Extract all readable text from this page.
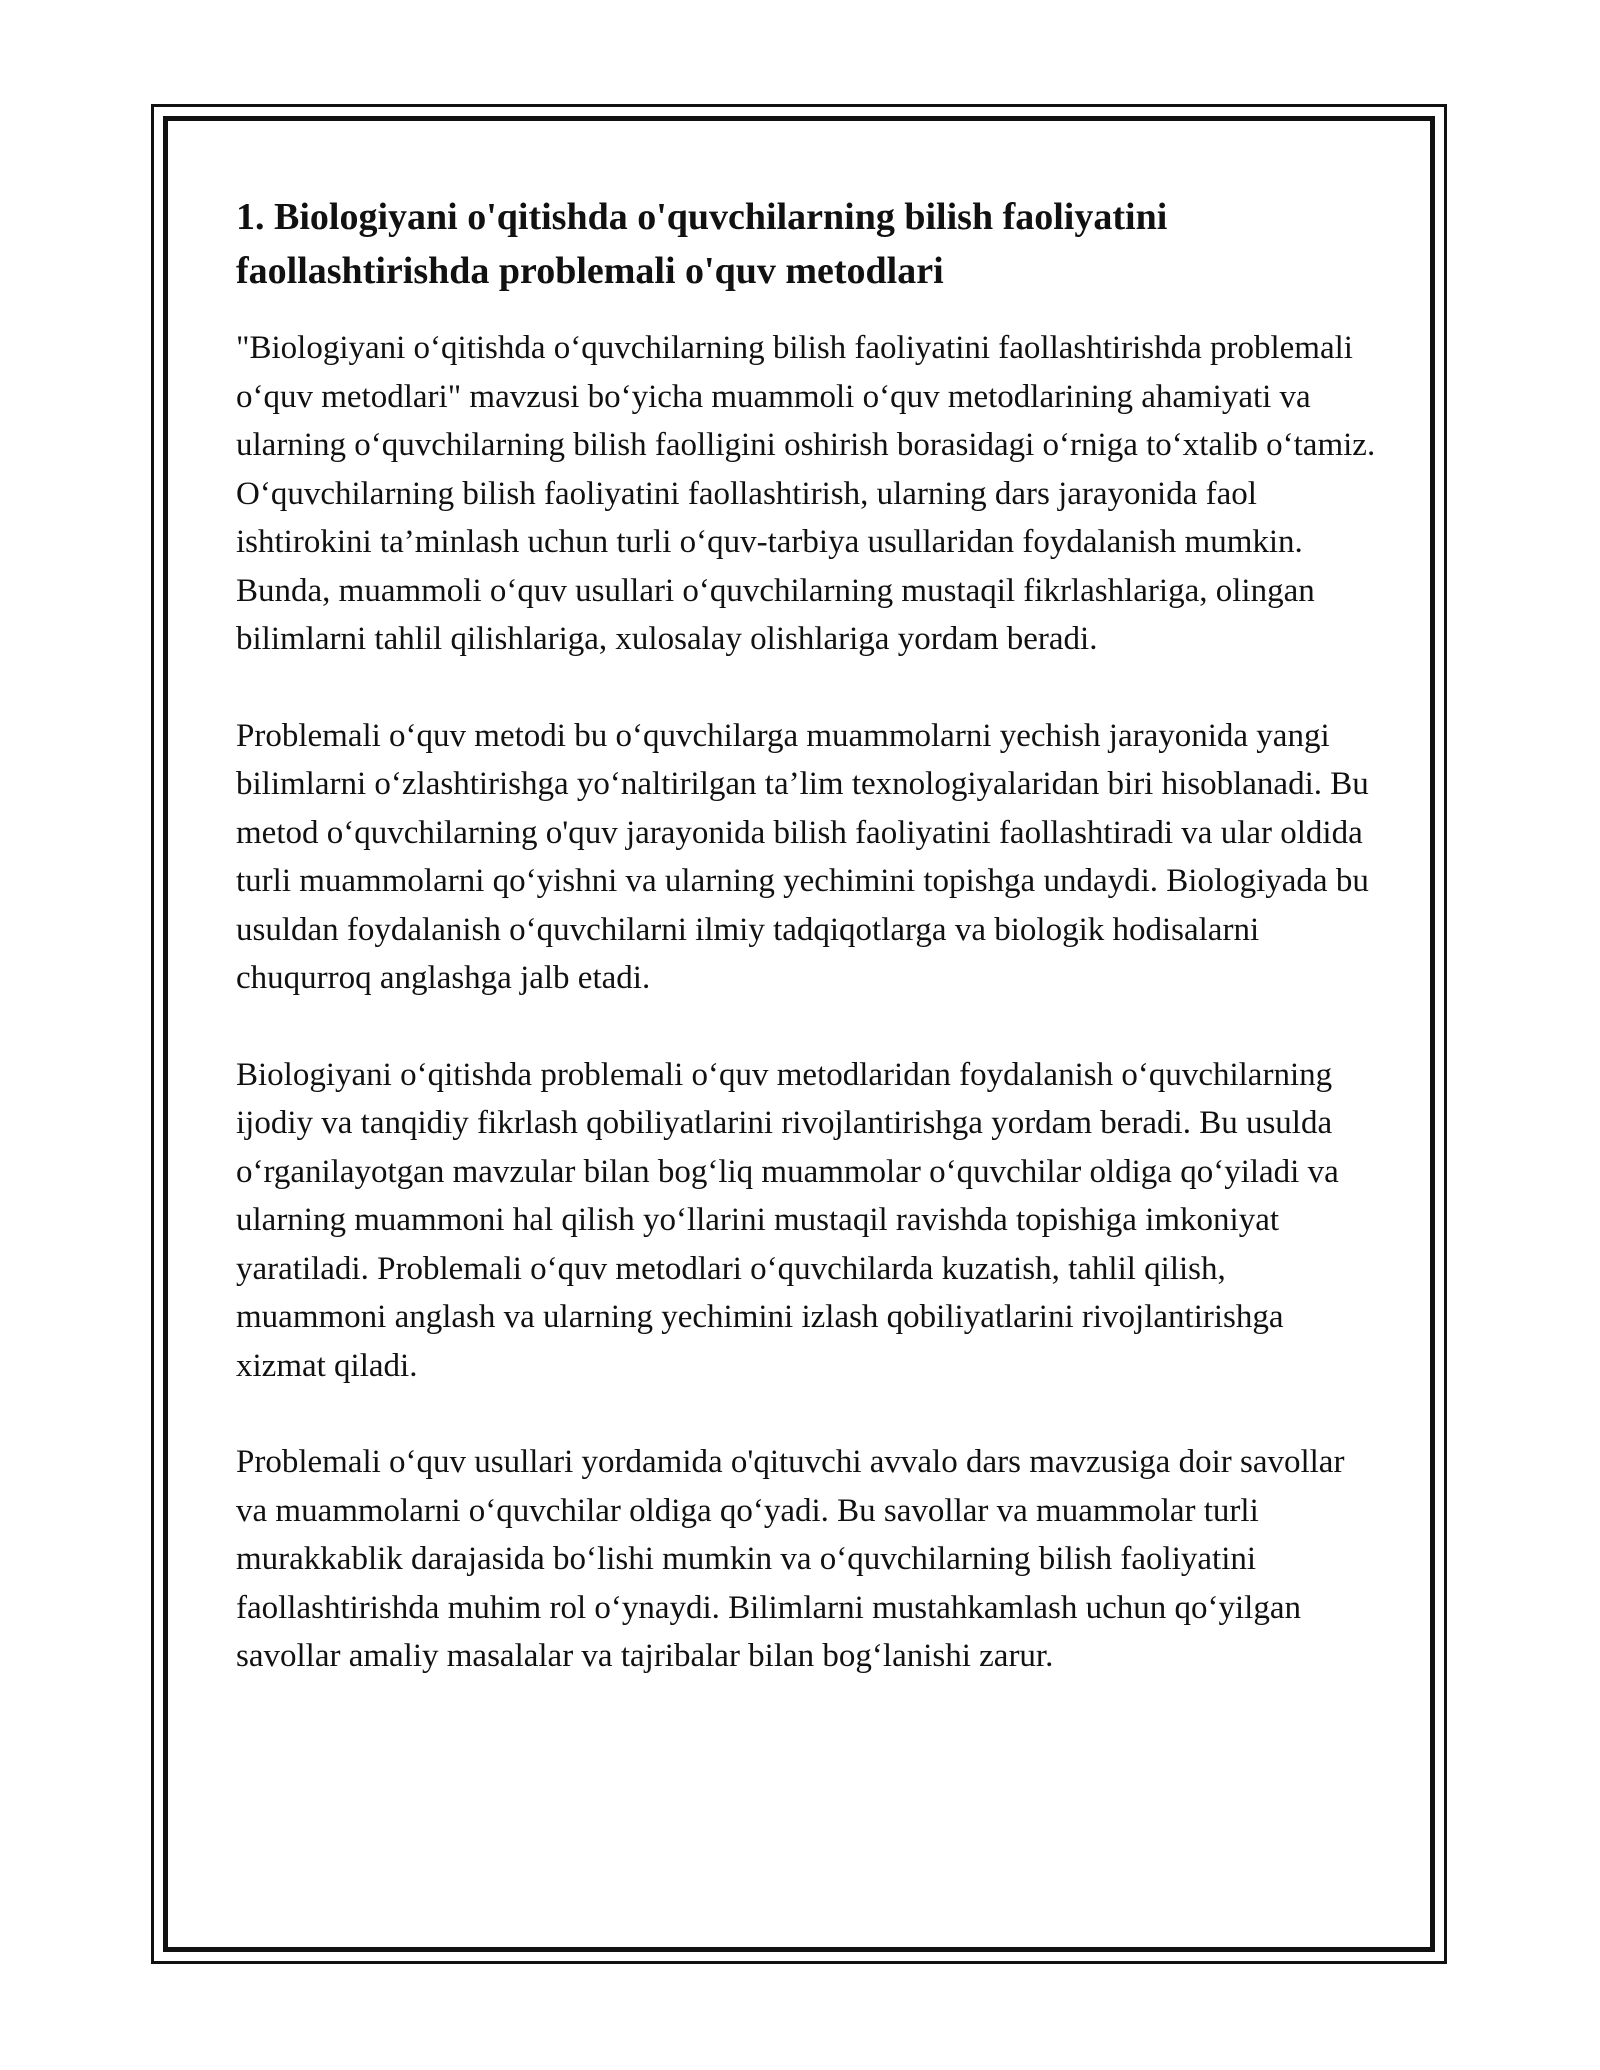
1. Biologiyani o'qitishda o'quvchilarning bilish faoliyatini faollashtirishda problemali o'quv metodlari

"Biologiyani oʻqitishda oʻquvchilarning bilish faoliyatini faollashtirishda problemali oʻquv metodlari" mavzusi boʻyicha muammoli oʻquv metodlarining ahamiyati va ularning oʻquvchilarning bilish faolligini oshirish borasidagi oʻrniga toʻxtalib oʻtamiz. Oʻquvchilarning bilish faoliyatini faollashtirish, ularning dars jarayonida faol ishtirokini ta’minlash uchun turli oʻquv-tarbiya usullaridan foydalanish mumkin. Bunda, muammoli oʻquv usullari oʻquvchilarning mustaqil fikrlashlariga, olingan bilimlarni tahlil qilishlariga, xulosalay olishlariga yordam beradi.

Problemali oʻquv metodi bu oʻquvchilarga muammolarni yechish jarayonida yangi bilimlarni oʻzlashtirishga yoʻnaltirilgan ta’lim texnologiyalaridan biri hisoblanadi. Bu metod oʻquvchilarning o'quv jarayonida bilish faoliyatini faollashtiradi va ular oldida turli muammolarni qoʻyishni va ularning yechimini topishga undaydi. Biologiyada bu usuldan foydalanish oʻquvchilarni ilmiy tadqiqotlarga va biologik hodisalarni chuqurroq anglashga jalb etadi.

Biologiyani oʻqitishda problemali oʻquv metodlaridan foydalanish oʻquvchilarning ijodiy va tanqidiy fikrlash qobiliyatlarini rivojlantirishga yordam beradi. Bu usulda oʻrganilayotgan mavzular bilan bogʻliq muammolar oʻquvchilar oldiga qoʻyiladi va ularning muammoni hal qilish yoʻllarini mustaqil ravishda topishiga imkoniyat yaratiladi. Problemali oʻquv metodlari oʻquvchilarda kuzatish, tahlil qilish, muammoni anglash va ularning yechimini izlash qobiliyatlarini rivojlantirishga xizmat qiladi.

Problemali oʻquv usullari yordamida o'qituvchi avvalo dars mavzusiga doir savollar va muammolarni oʻquvchilar oldiga qoʻyadi. Bu savollar va muammolar turli murakkablik darajasida boʻlishi mumkin va oʻquvchilarning bilish faoliyatini faollashtirishda muhim rol oʻynaydi. Bilimlarni mustahkamlash uchun qoʻyilgan savollar amaliy masalalar va tajribalar bilan bogʻlanishi zarur.
